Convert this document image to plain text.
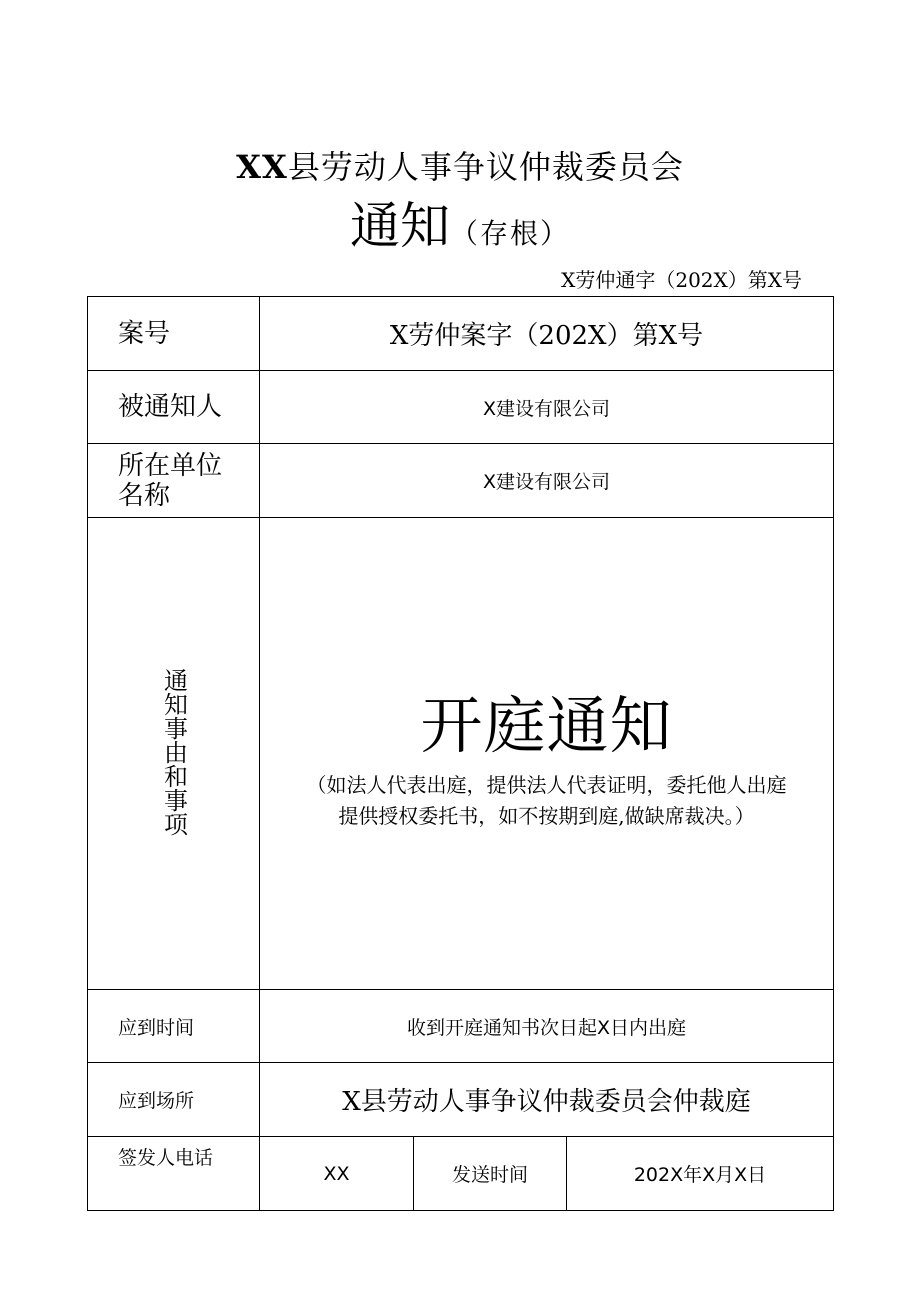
XX县劳动人事争议仲裁委员会
通知（存根）
X劳仲通字（202X）第X号
案号	X劳仲案字（202X）第X号		
被通知人	X建设有限公司		

所在单位
名称	X建设有限公司		
通知事由和事项	开庭通知
（如法人代表出庭，提供法人代表证明，委托他人出庭
提供授权委托书，如不按期到庭,做缺席裁决。）		

应到时间	收到开庭通知书次日起X日内出庭		
应到场所	X县劳动人事争议仲裁委员会仲裁庭		
签发人电话	XX	发送时间	202X年X月X日
